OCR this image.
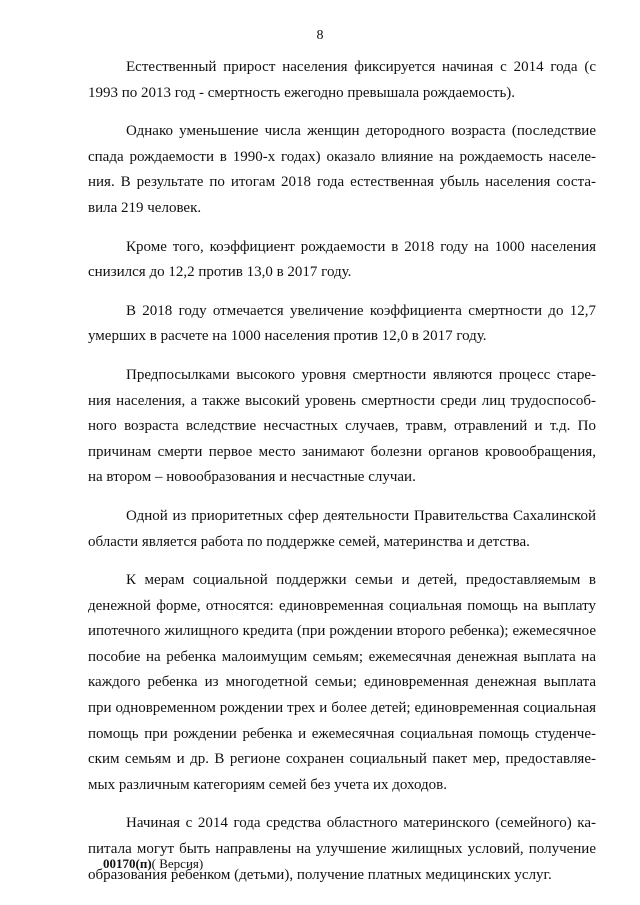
8

Естественный прирост населения фиксируется начиная с 2014 года (с 1993 по 2013 год - смертность ежегодно превышала рождаемость).

Однако уменьшение числа женщин детородного возраста (последствие спада рождаемости в 1990-х годах) оказало влияние на рождаемость населения. В результате по итогам 2018 года естественная убыль населения составила 219 человек.

Кроме того, коэффициент рождаемости в 2018 году на 1000 населения снизился до 12,2 против 13,0 в 2017 году.

В 2018 году отмечается увеличение коэффициента смертности до 12,7 умерших в расчете на 1000 населения против 12,0 в 2017 году.

Предпосылками высокого уровня смертности являются процесс старения населения, а также высокий уровень смертности среди лиц трудоспособного возраста вследствие несчастных случаев, травм, отравлений и т.д. По причинам смерти первое место занимают болезни органов кровообращения, на втором – новообразования и несчастные случаи.

Одной из приоритетных сфер деятельности Правительства Сахалинской области является работа по поддержке семей, материнства и детства.

К мерам социальной поддержки семьи и детей, предоставляемым в денежной форме, относятся: единовременная социальная помощь на выплату ипотечного жилищного кредита (при рождении второго ребенка); ежемесячное пособие на ребенка малоимущим семьям; ежемесячная денежная выплата на каждого ребенка из многодетной семьи; единовременная денежная выплата при одновременном рождении трех и более детей; единовременная социальная помощь при рождении ребенка и ежемесячная социальная помощь студенческим семьям и др. В регионе сохранен социальный пакет мер, предоставляемых различным категориям семей без учета их доходов.

Начиная с 2014 года средства областного материнского (семейного) капитала могут быть направлены на улучшение жилищных условий, получение образования ребенком (детьми), получение платных медицинских услуг.

00170(п)( Версия)
